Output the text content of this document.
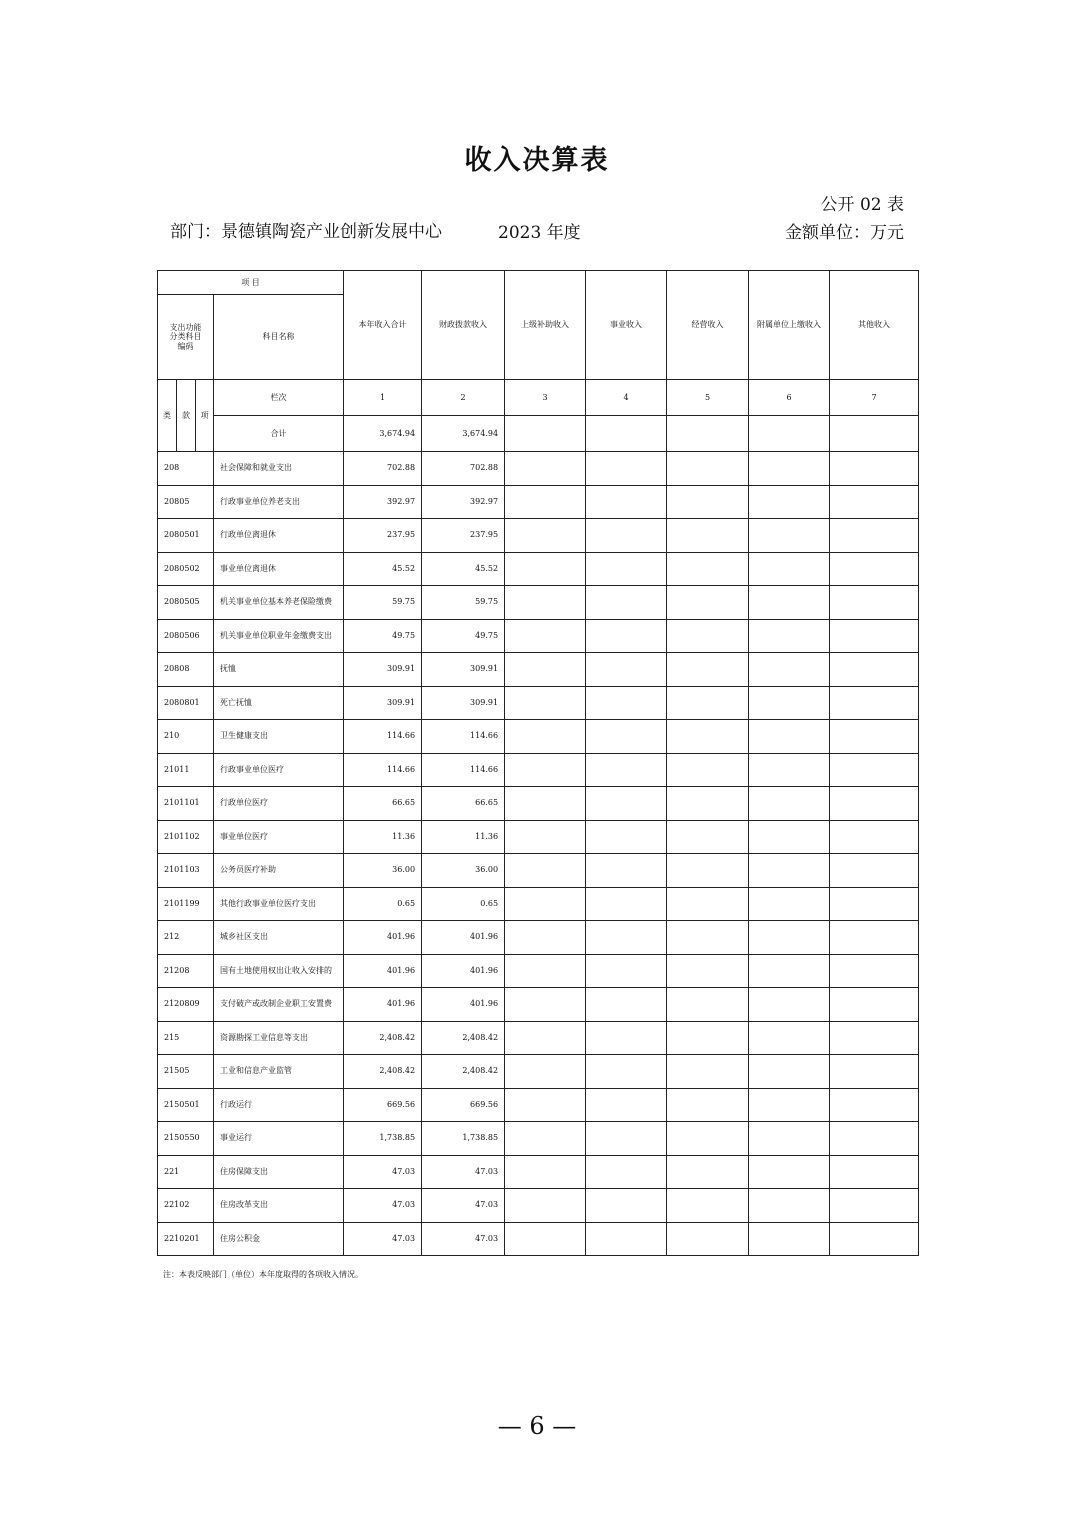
收入决算表
公开 02 表
部门：景德镇陶瓷产业创新发展中心	2023 年度	金额单位：万元
项 目				本年收入合计	财政拨款收入	上级补助收入	事业收入	经营收入	附属单位上缴收入	其他收入

支出功能
分类科目
编码			科目名称							
类	款	项	栏次	1	2	3	4	5	6	7
			合计	3,674.94	3,674.94					
208			社会保障和就业支出	702.88	702.88					
20805			行政事业单位养老支出	392.97	392.97					
2080501			行政单位离退休	237.95	237.95					
2080502			事业单位离退休	45.52	45.52					
2080505			机关事业单位基本养老保险缴费	59.75	59.75					
2080506			机关事业单位职业年金缴费支出	49.75	49.75					
20808			抚恤	309.91	309.91					
2080801			死亡抚恤	309.91	309.91					
210			卫生健康支出	114.66	114.66					
21011			行政事业单位医疗	114.66	114.66					
2101101			行政单位医疗	66.65	66.65					
2101102			事业单位医疗	11.36	11.36					
2101103			公务员医疗补助	36.00	36.00					
2101199			其他行政事业单位医疗支出	0.65	0.65					
212			城乡社区支出	401.96	401.96					
21208			国有土地使用权出让收入安排的	401.96	401.96					
2120809			支付破产或改制企业职工安置费	401.96	401.96					
215			资源勘探工业信息等支出	2,408.42	2,408.42					
21505			工业和信息产业监管	2,408.42	2,408.42					
2150501			行政运行	669.56	669.56					
2150550			事业运行	1,738.85	1,738.85					
221			住房保障支出	47.03	47.03					
22102			住房改革支出	47.03	47.03					
2210201			住房公积金	47.03	47.03					
注：本表反映部门（单位）本年度取得的各项收入情况。
— 6 —
